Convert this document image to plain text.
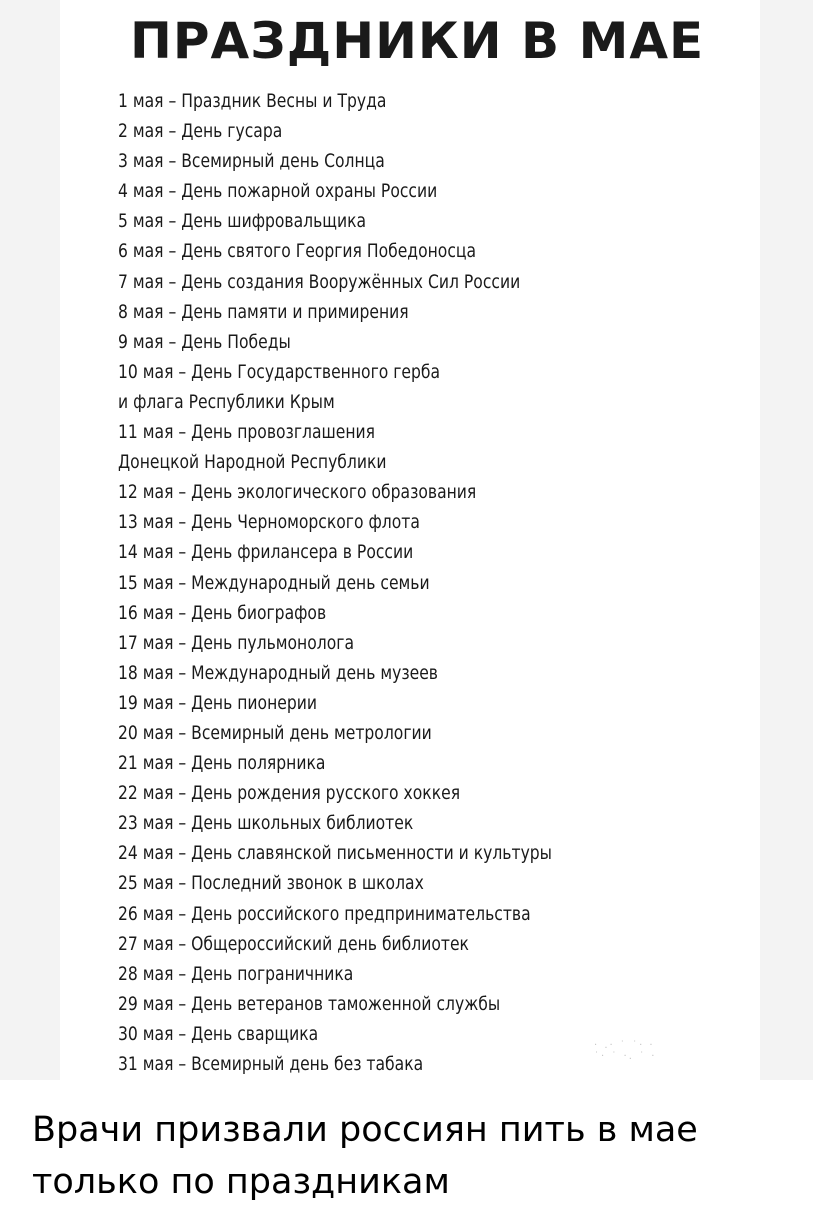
ПРАЗДНИКИ В МАЕ
1 мая – Праздник Весны и Труда
2 мая – День гусара
3 мая – Всемирный день Солнца
4 мая – День пожарной охраны России
5 мая – День шифровальщика
6 мая – День святого Георгия Победоносца
7 мая – День создания Вооружённых Сил России
8 мая – День памяти и примирения
9 мая – День Победы
10 мая – День Государственного герба
и флага Республики Крым
11 мая – День провозглашения
Донецкой Народной Республики
12 мая – День экологического образования
13 мая – День Черноморского флота
14 мая – День фрилансера в России
15 мая – Международный день семьи
16 мая – День биографов
17 мая – День пульмонолога
18 мая – Международный день музеев
19 мая – День пионерии
20 мая – Всемирный день метрологии
21 мая – День полярника
22 мая – День рождения русского хоккея
23 мая – День школьных библиотек
24 мая – День славянской письменности и культуры
25 мая – Последний звонок в школах
26 мая – День российского предпринимательства
27 мая – Общероссийский день библиотек
28 мая – День пограничника
29 мая – День ветеранов таможенной службы
30 мая – День сварщика
31 мая – Всемирный день без табака
· .· ˙ ˙· ·
˙· ˙ ·. ˙ ·

Врачи призвали россиян пить в мае только по праздникам
